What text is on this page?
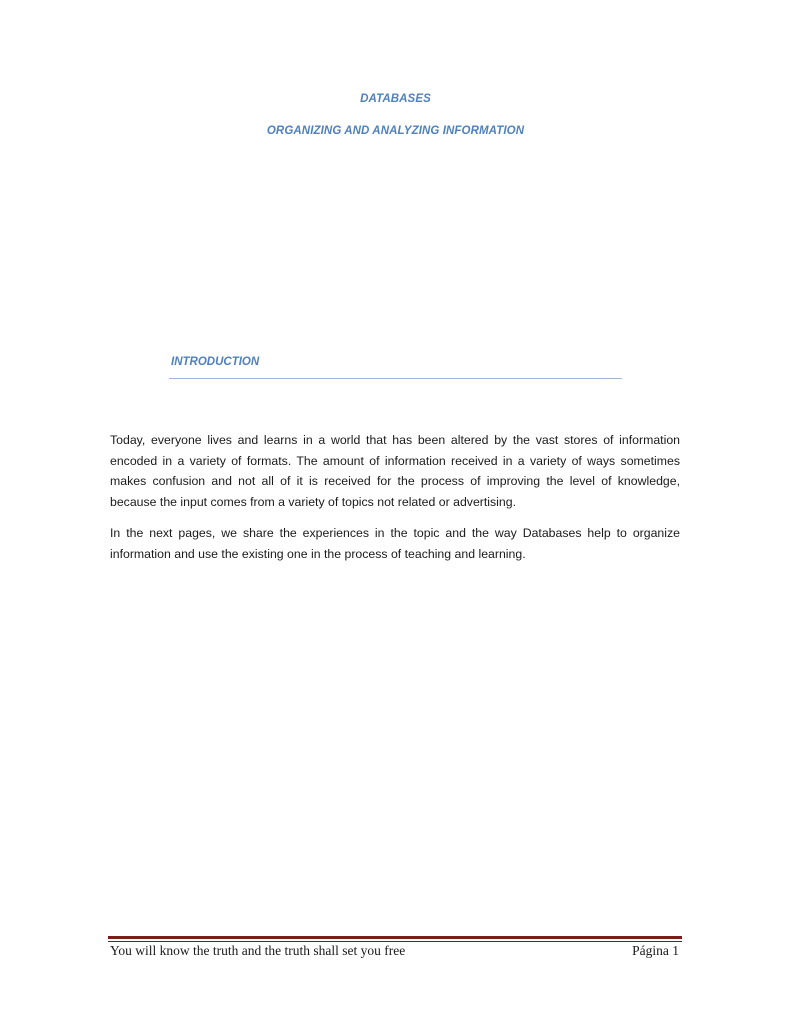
DATABASES
ORGANIZING AND ANALYZING INFORMATION
INTRODUCTION

Today, everyone lives and learns in a world that has been altered by the vast stores of information encoded in a variety of formats. The amount of information received in a variety of ways sometimes makes confusion and not all of it is received for the process of improving the level of knowledge, because the input comes from a variety of topics not related or advertising.

In the next pages, we share the experiences in the topic and the way Databases help to organize information and use the existing one in the process of teaching and learning.

You will know the truth and the truth shall set you free	Página 1
